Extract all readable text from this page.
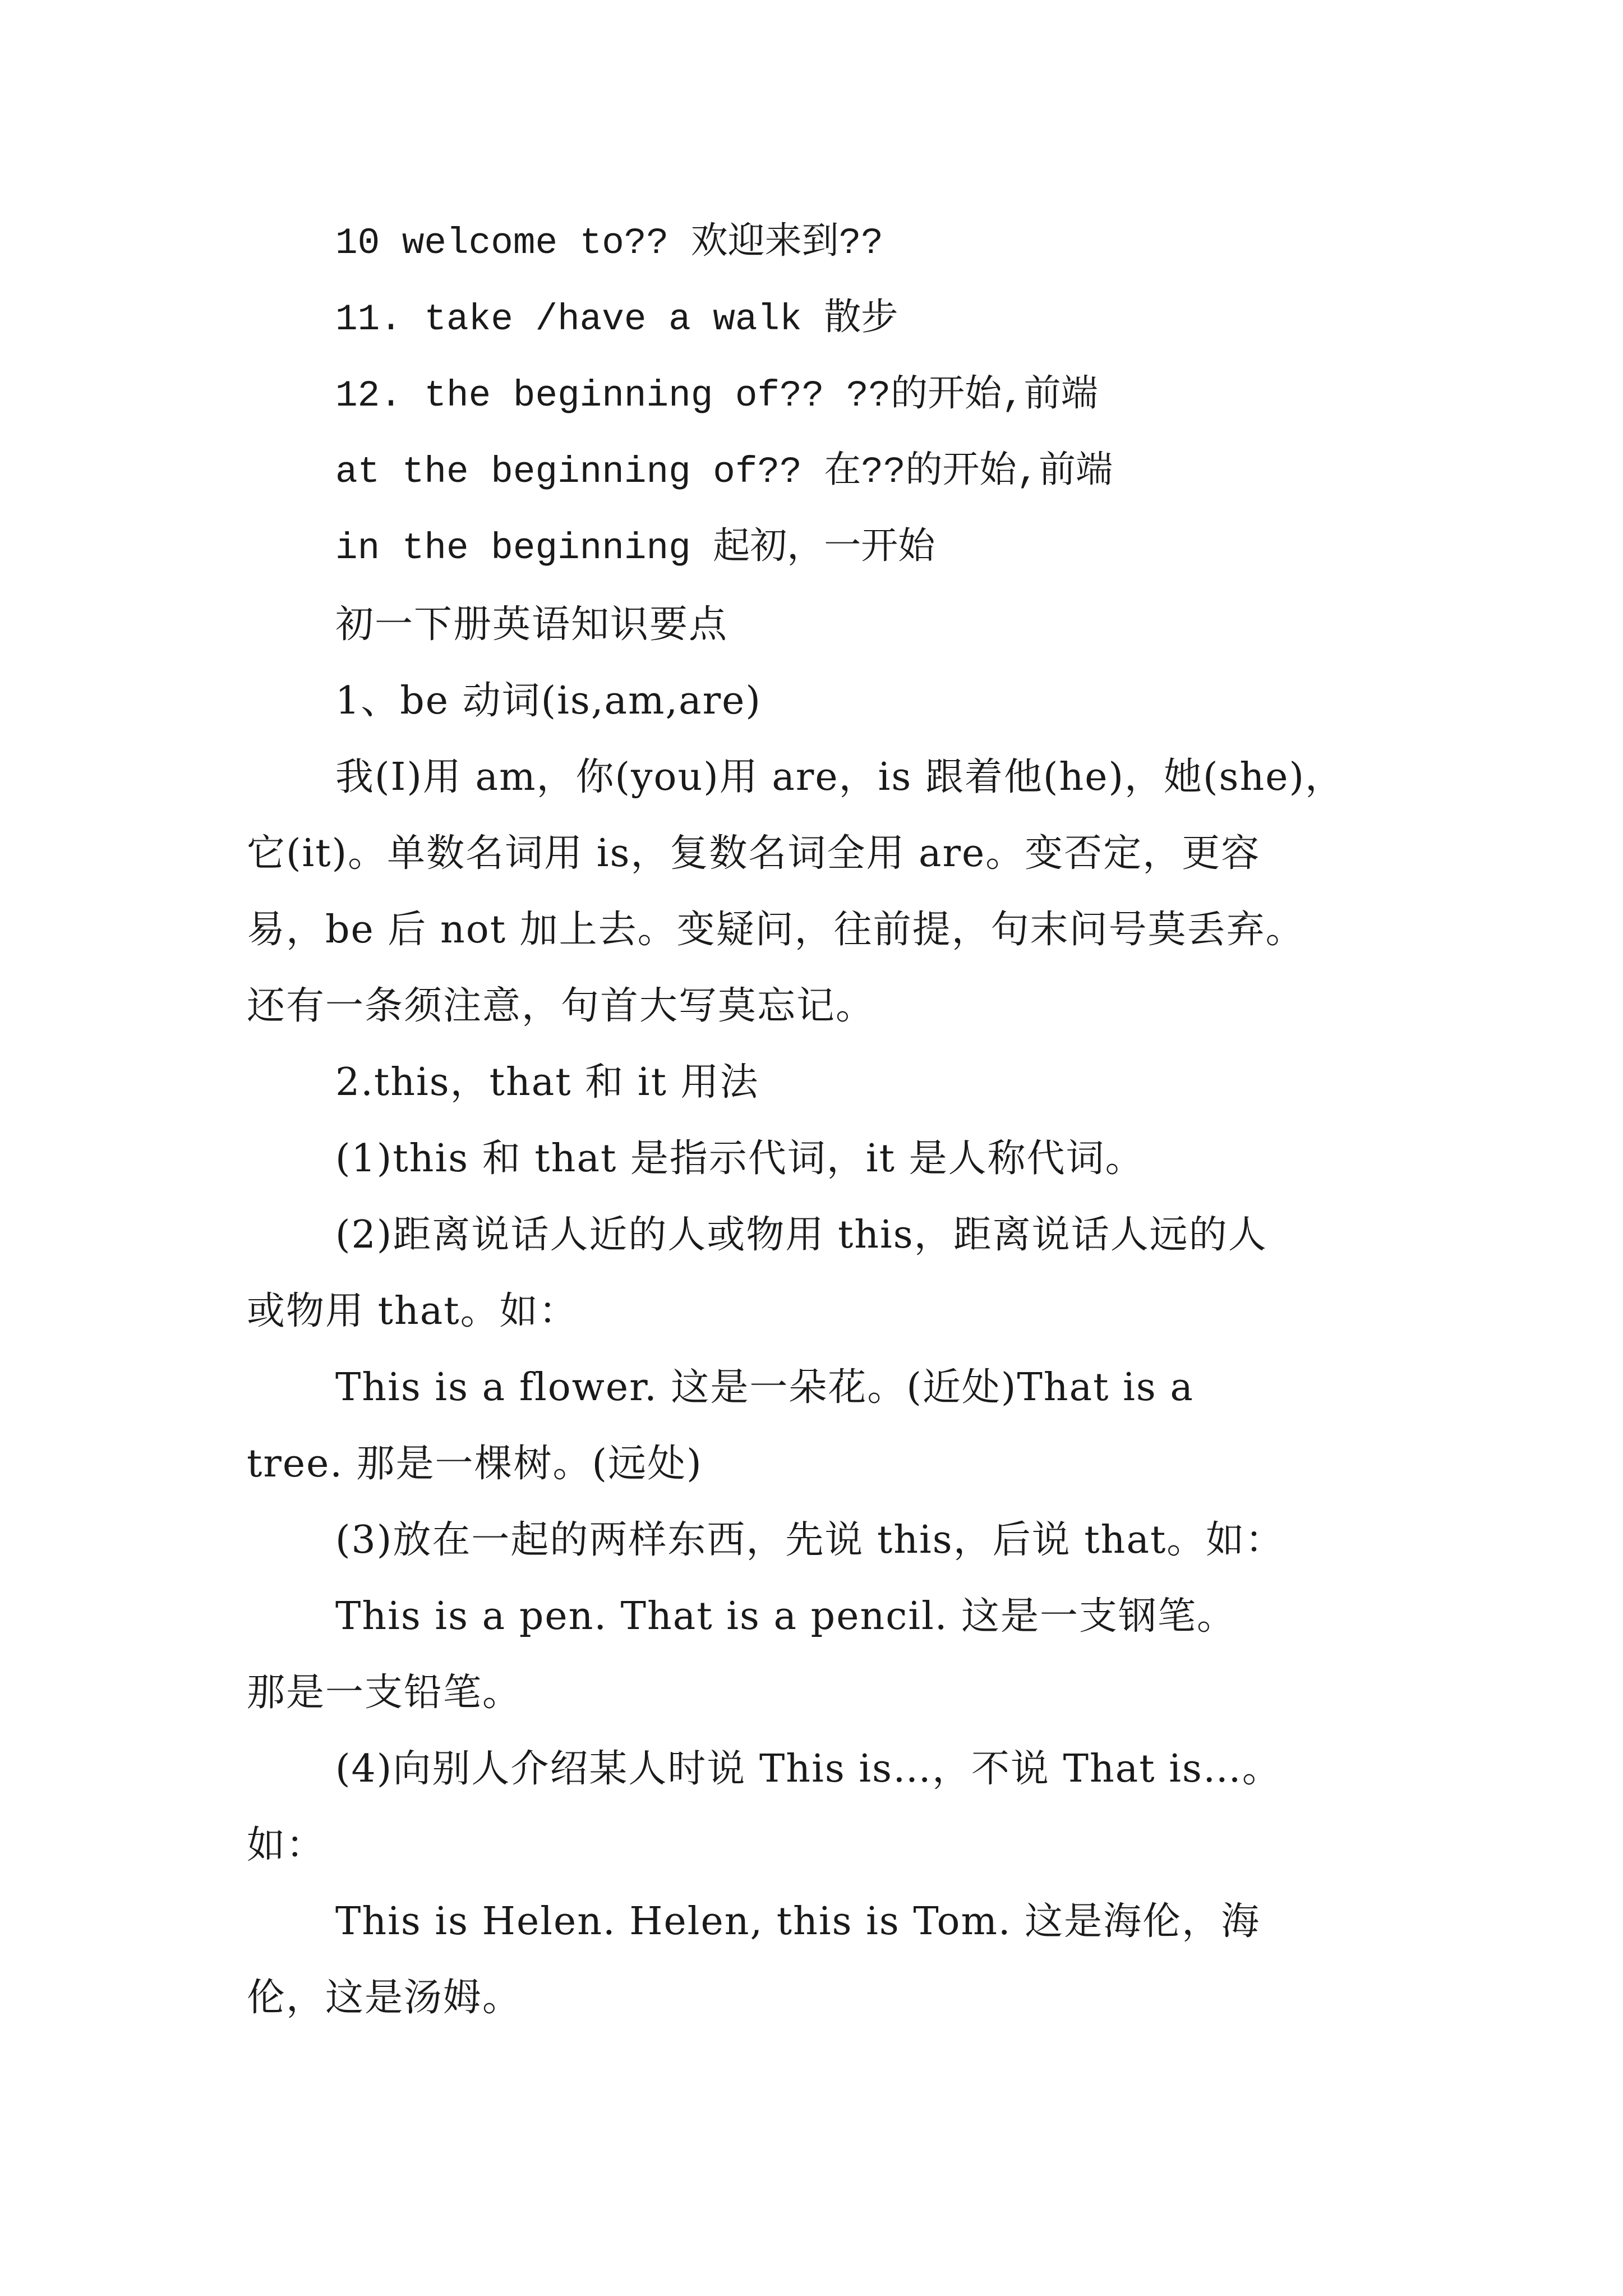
10 welcome to?? 欢迎来到??
11. take /have a walk 散步
12. the beginning of?? ??的开始,前端
at the beginning of?? 在??的开始,前端
in the beginning 起初，一开始
初一下册英语知识要点
1、be 动词(is,am,are)
我(I)用 am，你(you)用 are，is 跟着他(he)，她(she)，
它(it)。单数名词用 is，复数名词全用 are。变否定，更容
易，be 后 not 加上去。变疑问，往前提，句末问号莫丢弃。
还有一条须注意，句首大写莫忘记。
2.this，that 和 it 用法
(1)this 和 that 是指示代词，it 是人称代词。
(2)距离说话人近的人或物用 this，距离说话人远的人
或物用 that。如：
This is a flower. 这是一朵花。(近处)That is a
tree. 那是一棵树。(远处)
(3)放在一起的两样东西，先说 this，后说 that。如：
This is a pen. That is a pencil. 这是一支钢笔。
那是一支铅笔。
(4)向别人介绍某人时说 This is…，不说 That is…。
如：
This is Helen. Helen, this is Tom. 这是海伦，海
伦，这是汤姆。
